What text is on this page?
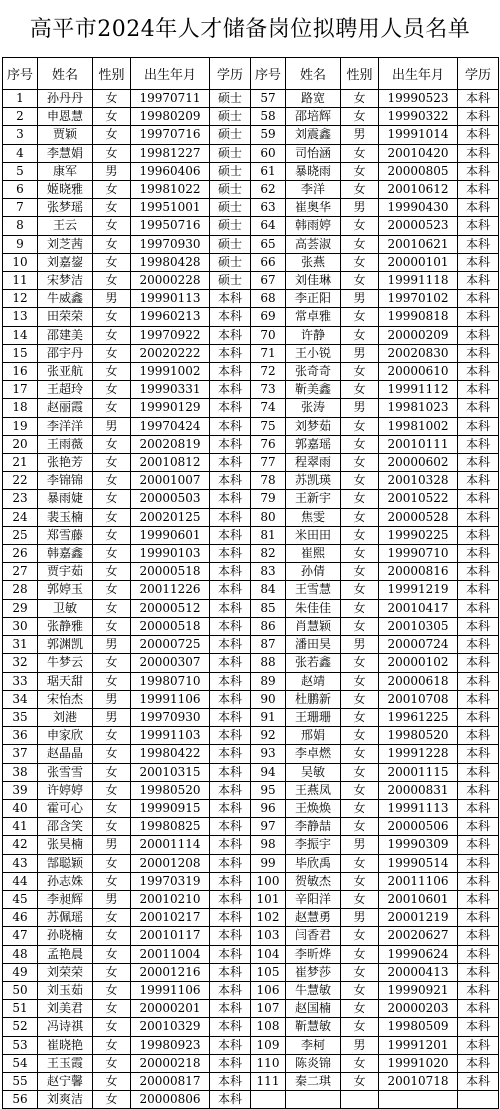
高平市2024年人才储备岗位拟聘用人员名单
序号	姓名	性别	出生年月	学历	序号	姓名	性别	出生年月	学历
1	孙丹丹	女	19970711	硕士	57	路宽	女	19990523	本科
2	申恩慧	女	19980209	硕士	58	邵培辉	女	19990322	本科
3	贾颖	女	19970716	硕士	59	刘震鑫	男	19991014	本科
4	李慧娟	女	19981227	硕士	60	司怡涵	女	20010420	本科
5	康军	男	19960406	硕士	61	暴晓雨	女	20000805	本科
6	姬晓雅	女	19981022	硕士	62	李洋	女	20010612	本科
7	张梦瑶	女	19951001	硕士	63	崔奥华	男	19990430	本科
8	王云	女	19950716	硕士	64	韩雨婷	女	20000523	本科
9	刘芝茜	女	19970930	硕士	65	高荟淑	女	20010621	本科
10	刘嘉鋆	女	19980428	硕士	66	张燕	女	20000101	本科
11	宋梦洁	女	20000228	硕士	67	刘佳琳	女	19991118	本科
12	牛威鑫	男	19990113	本科	68	李正阳	男	19970102	本科
13	田荣荣	女	19960213	本科	69	常卓雅	女	19990818	本科
14	邵建美	女	19970922	本科	70	许静	女	20000209	本科
15	邵宇丹	女	20020222	本科	71	王小锐	男	20020830	本科
16	张亚航	女	19991002	本科	72	张奇奇	女	20000610	本科
17	王超玲	女	19990331	本科	73	靳美鑫	女	19991112	本科
18	赵丽霞	女	19990129	本科	74	张涛	男	19981023	本科
19	李洋洋	男	19970424	本科	75	刘梦茹	女	19981002	本科
20	王雨薇	女	20020819	本科	76	郭嘉瑶	女	20010111	本科
21	张艳芳	女	20010812	本科	77	程翠雨	女	20000602	本科
22	李锦锦	女	20001007	本科	78	苏凯瑛	女	20010328	本科
23	暴雨婕	女	20000503	本科	79	王新宇	女	20010522	本科
24	裴玉楠	女	20020125	本科	80	焦雯	女	20000528	本科
25	郑雪藤	女	19990601	本科	81	米田田	女	19990225	本科
26	韩嘉鑫	女	19990103	本科	82	崔熙	女	19990710	本科
27	贾宇茹	女	20000518	本科	83	孙倩	女	20000816	本科
28	郭婷玉	女	20011226	本科	84	王雪慧	女	19991219	本科
29	卫敏	女	20000512	本科	85	朱佳佳	女	20010417	本科
30	张静雅	女	20000518	本科	86	肖慧颖	女	20010305	本科
31	郭渊凯	男	20000725	本科	87	潘田昊	男	20000724	本科
32	牛梦云	女	20000307	本科	88	张若鑫	女	20000102	本科
33	琚天甜	女	19980710	本科	89	赵靖	女	20000618	本科
34	宋怡杰	男	19991106	本科	90	杜鹏新	女	20010708	本科
35	刘港	男	19970930	本科	91	王珊珊	女	19961225	本科
36	申家欣	女	19991103	本科	92	邢娟	女	19980520	本科
37	赵晶晶	女	19980422	本科	93	李卓燃	女	19991228	本科
38	张雪雪	女	20010315	本科	94	吴敏	女	20001115	本科
39	许婷婷	女	19980520	本科	95	王燕凤	女	20000831	本科
40	霍可心	女	19990915	本科	96	王焕焕	女	19991113	本科
41	邵含笑	女	19980825	本科	97	李静喆	女	20000506	本科
42	张昊楠	男	20001114	本科	98	李振宇	男	19990309	本科
43	郜聪颖	女	20001208	本科	99	毕欣禹	女	19990514	本科
44	孙志姝	女	19970319	本科	100	贺敏杰	女	20011106	本科
45	李昶辉	男	20010210	本科	101	辛阳洋	女	20010601	本科
46	苏佩瑶	女	20010217	本科	102	赵慧勇	男	20001219	本科
47	孙晓楠	女	20010117	本科	103	闫香君	女	20020627	本科
48	孟艳晨	女	20011004	本科	104	李昕烨	女	19990624	本科
49	刘荣荣	女	20001216	本科	105	崔梦莎	女	20000413	本科
50	刘玉茹	女	19991106	本科	106	牛慧敏	女	19990921	本科
51	刘美君	女	20000201	本科	107	赵国楠	女	20000203	本科
52	冯诗祺	女	20010329	本科	108	靳慧敏	女	19980509	本科
53	崔晓艳	女	19980923	本科	109	李柯	男	19991201	本科
54	王玉霞	女	20000218	本科	110	陈炎锦	女	19991020	本科
55	赵宁馨	女	20000817	本科	111	秦二琪	女	20010718	本科
56	刘爽洁	女	20000806	本科					
